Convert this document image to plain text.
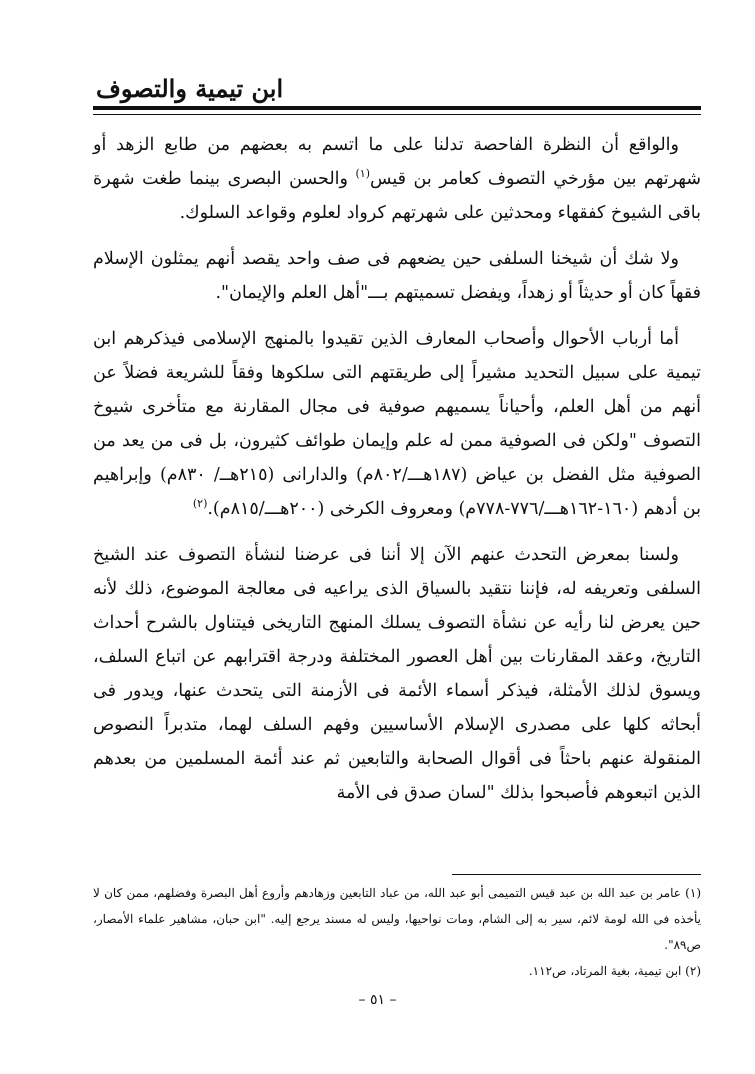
ابن تيمية والتصوف

والواقع أن النظرة الفاحصة تدلنا على ما اتسم به بعضهم من طابع الزهد أو شهرتهم بين مؤرخي التصوف كعامر بن قيس$^{(١)}$ والحسن البصرى بينما طغت شهرة باقى الشيوخ كفقهاء ومحدثين على شهرتهم كرواد لعلوم وقواعد السلوك.

ولا شك أن شيخنا السلفى حين يضعهم فى صف واحد يقصد أنهم يمثلون الإسلام فقهاً كان أو حديثاً أو زهداً، ويفضل تسميتهم بـــ"أهل العلم والإيمان".

أما أرباب الأحوال وأصحاب المعارف الذين تقيدوا بالمنهج الإسلامى فيذكرهم ابن تيمية على سبيل التحديد مشيراً إلى طريقتهم التى سلكوها وفقاً للشريعة فضلاً عن أنهم من أهل العلم، وأحياناً يسميهم صوفية فى مجال المقارنة مع متأخرى شيوخ التصوف "ولكن فى الصوفية ممن له علم وإيمان طوائف كثيرون، بل فى من يعد من الصوفية مثل الفضل بن عياض (١٨٧هـــ/٨٠٢م) والدارانى (٢١٥هــ/ ٨٣٠م) وإبراهيم بن أدهم (١٦٠-١٦٢هـــ/٧٧٦-٧٧٨م) ومعروف الكرخى (٢٠٠هـــ/٨١٥م).$^{(٢)}$

ولسنا بمعرض التحدث عنهم الآن إلا أننا فى عرضنا لنشأة التصوف عند الشيخ السلفى وتعريفه له، فإننا نتقيد بالسياق الذى يراعيه فى معالجة الموضوع، ذلك لأنه حين يعرض لنا رأيه عن نشأة التصوف يسلك المنهج التاريخى فيتناول بالشرح أحداث التاريخ، وعقد المقارنات بين أهل العصور المختلفة ودرجة اقترابهم عن اتباع السلف، ويسوق لذلك الأمثلة، فيذكر أسماء الأئمة فى الأزمنة التى يتحدث عنها، ويدور فى أبحاثه كلها على مصدرى الإسلام الأساسيين وفهم السلف لهما، متدبراً النصوص المنقولة عنهم باحثاً فى أقوال الصحابة والتابعين ثم عند أئمة المسلمين من بعدهم الذين اتبعوهم فأصبحوا بذلك "لسان صدق فى الأمة

(١) عامر بن عبد الله بن عبد قيس التميمى أبو عبد الله، من عباد التابعين وزهادهم وأروع أهل البصرة وفضلهم، ممن كان لا يأخذه فى الله لومة لائم، سير به إلى الشام، ومات نواحيها، وليس له مسند يرجع إليه. "ابن حبان، مشاهير علماء الأمصار، ص٨٩".

(٢) ابن تيمية، بغية المرتاد، ص١١٢.

– ٥١ –
